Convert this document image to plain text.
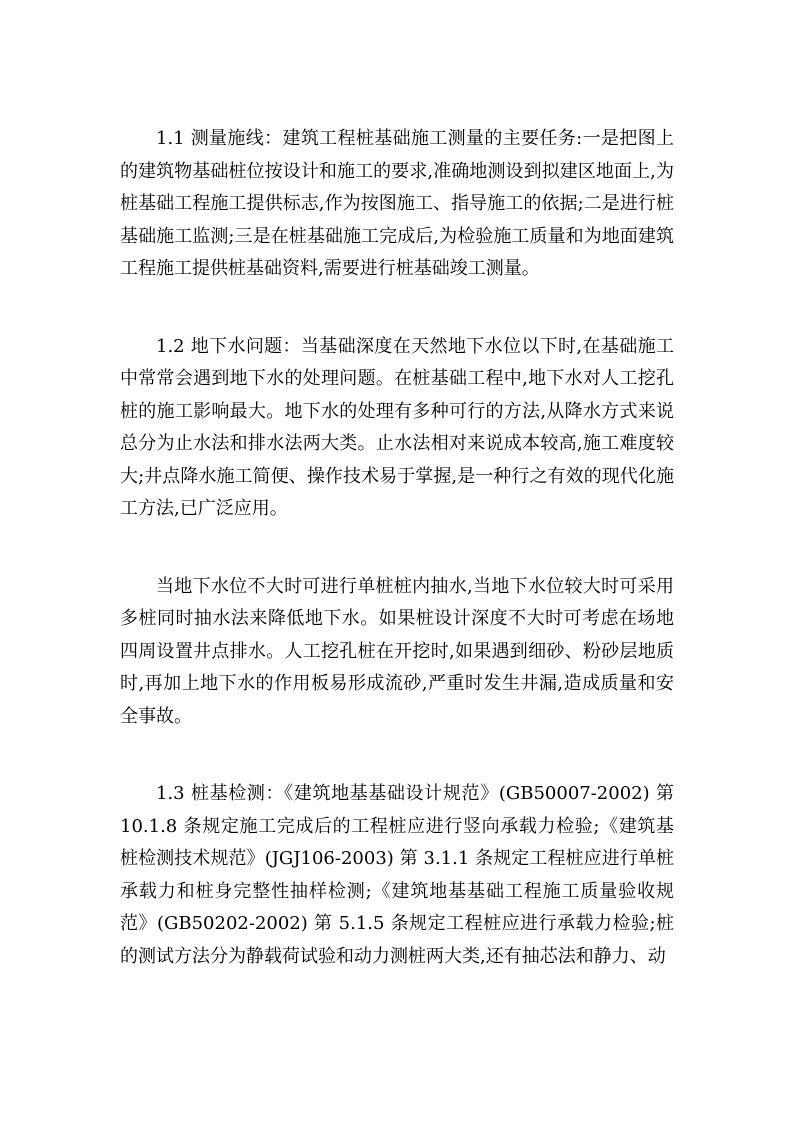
1.1 测量施线：建筑工程桩基础施工测量的主要任务:一是把图上的建筑物基础桩位按设计和施工的要求,准确地测设到拟建区地面上,为桩基础工程施工提供标志,作为按图施工、指导施工的依据;二是进行桩基础施工监测;三是在桩基础施工完成后,为检验施工质量和为地面建筑工程施工提供桩基础资料,需要进行桩基础竣工测量。

1.2 地下水问题：当基础深度在天然地下水位以下时,在基础施工中常常会遇到地下水的处理问题。在桩基础工程中,地下水对人工挖孔桩的施工影响最大。地下水的处理有多种可行的方法,从降水方式来说总分为止水法和排水法两大类。止水法相对来说成本较高,施工难度较大;井点降水施工简便、操作技术易于掌握,是一种行之有效的现代化施工方法,已广泛应用。

当地下水位不大时可进行单桩桩内抽水,当地下水位较大时可采用多桩同时抽水法来降低地下水。如果桩设计深度不大时可考虑在场地四周设置井点排水。人工挖孔桩在开挖时,如果遇到细砂、粉砂层地质时,再加上地下水的作用板易形成流砂,严重时发生井漏,造成质量和安全事故。

1.3 桩基检测：《建筑地基基础设计规范》(GB50007-2002) 第 10.1.8 条规定施工完成后的工程桩应进行竖向承载力检验;《建筑基桩检测技术规范》(JGJ106-2003) 第 3.1.1 条规定工程桩应进行单桩承载力和桩身完整性抽样检测;《建筑地基基础工程施工质量验收规范》(GB50202-2002) 第 5.1.5 条规定工程桩应进行承载力检验;桩的测试方法分为静载荷试验和动力测桩两大类,还有抽芯法和静力、动
